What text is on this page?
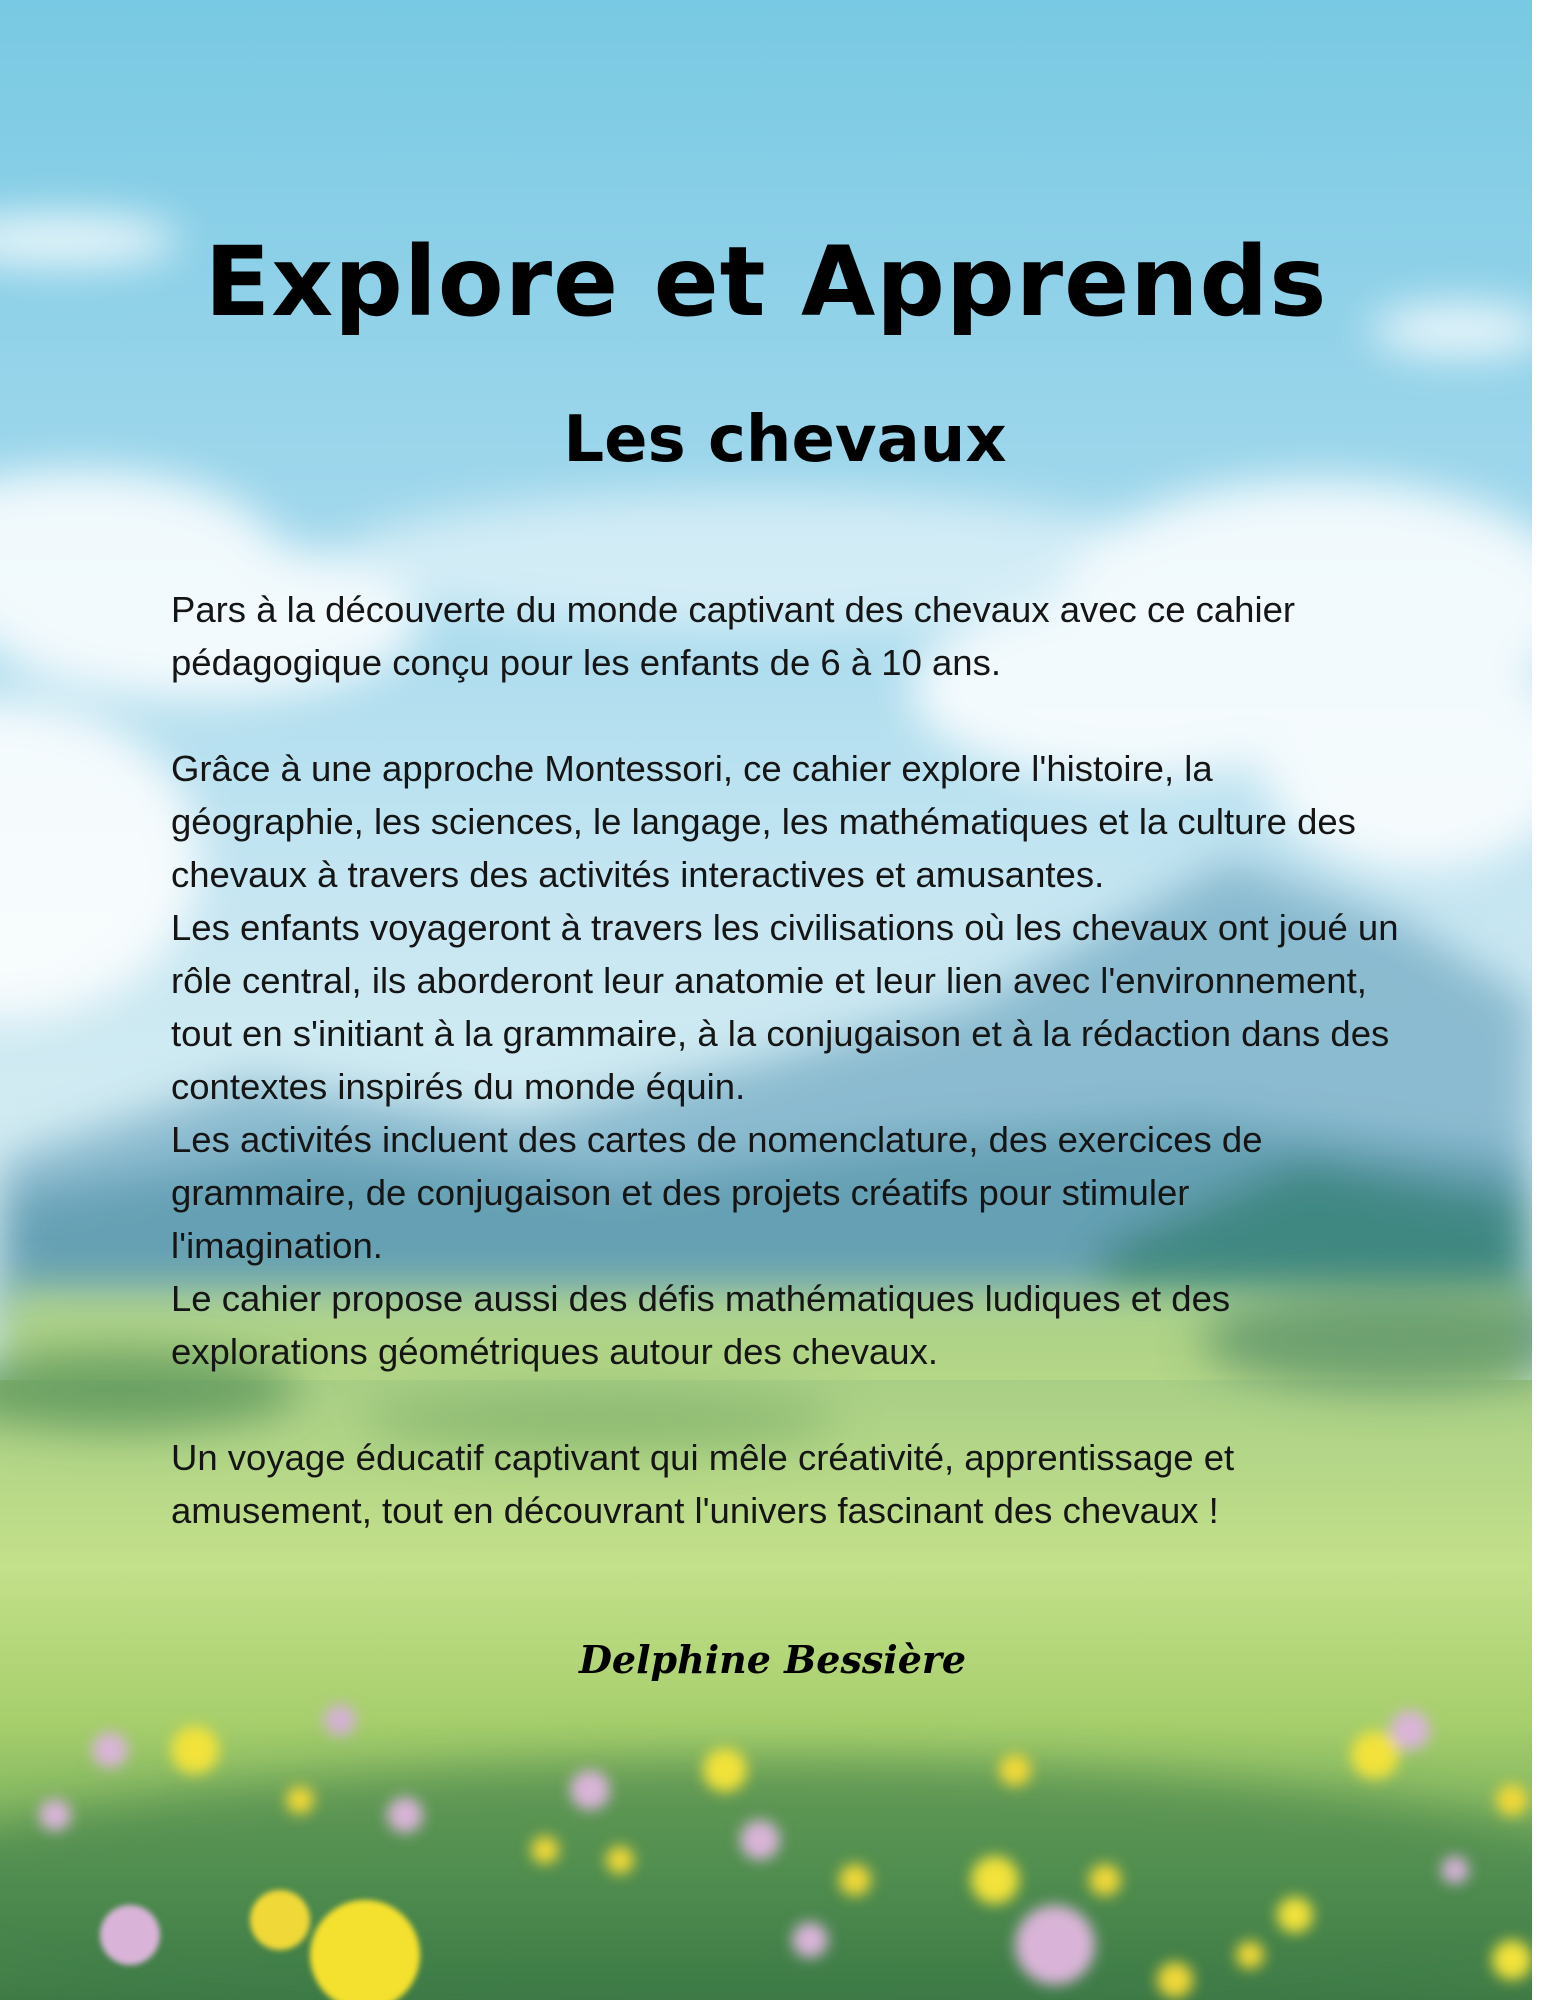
Explore et Apprends
Les chevaux

Pars à la découverte du monde captivant des chevaux avec ce cahier pédagogique conçu pour les enfants de 6 à 10 ans.

Grâce à une approche Montessori, ce cahier explore l'histoire, la géographie, les sciences, le langage, les mathématiques et la culture des chevaux à travers des activités interactives et amusantes.

Les enfants voyageront à travers les civilisations où les chevaux ont joué un rôle central, ils aborderont leur anatomie et leur lien avec l'environnement, tout en s'initiant à la grammaire, à la conjugaison et à la rédaction dans des contextes inspirés du monde équin.

Les activités incluent des cartes de nomenclature, des exercices de grammaire, de conjugaison et des projets créatifs pour stimuler l'imagination.

Le cahier propose aussi des défis mathématiques ludiques et des explorations géométriques autour des chevaux.

Un voyage éducatif captivant qui mêle créativité, apprentissage et amusement, tout en découvrant l'univers fascinant des chevaux !

Delphine Bessière
